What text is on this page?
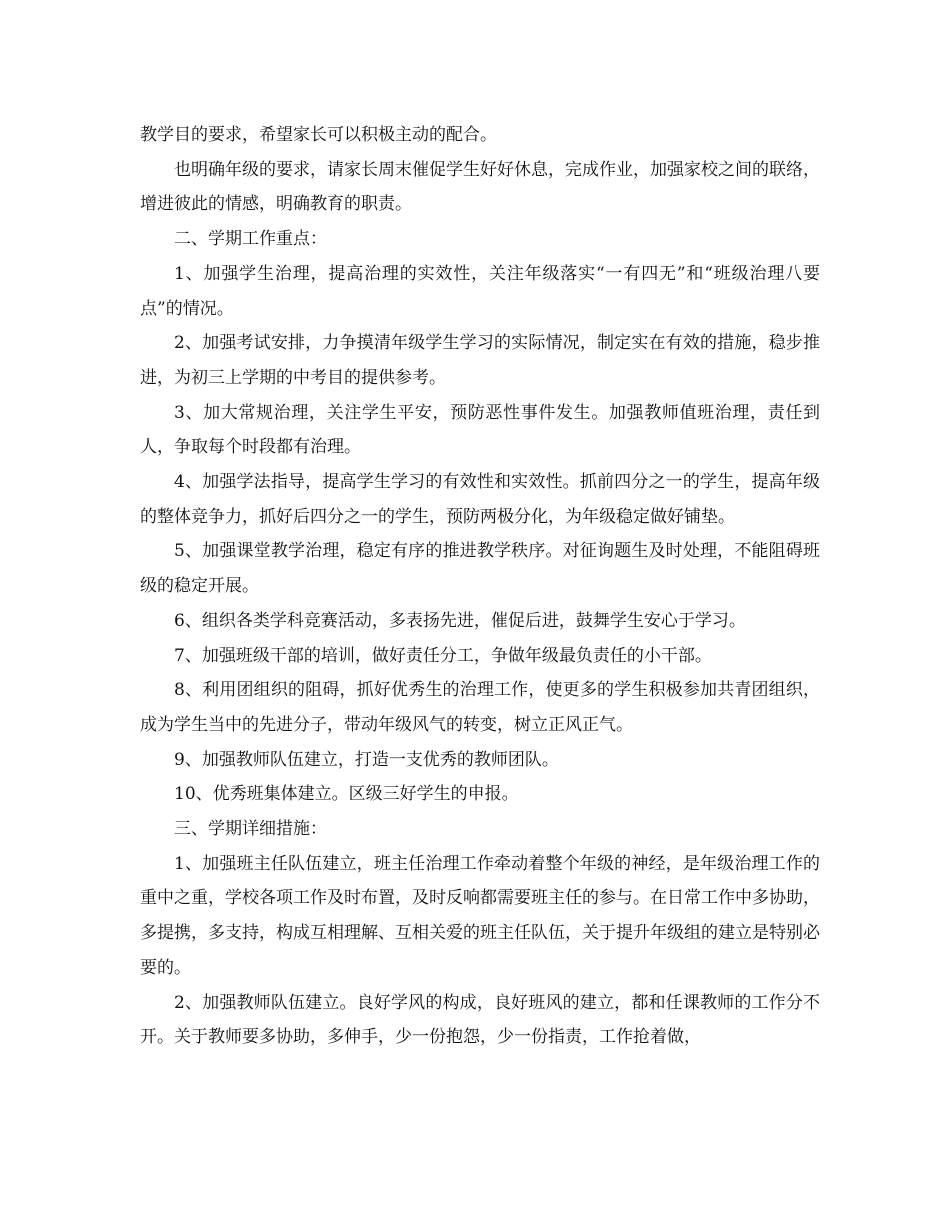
教学目的要求，希望家长可以积极主动的配合。

也明确年级的要求，请家长周末催促学生好好休息，完成作业，加强家校之间的联络，增进彼此的情感，明确教育的职责。

二、学期工作重点：

1、加强学生治理，提高治理的实效性，关注年级落实“一有四无”和“班级治理八要点”的情况。

2、加强考试安排，力争摸清年级学生学习的实际情况，制定实在有效的措施，稳步推进，为初三上学期的中考目的提供参考。

3、加大常规治理，关注学生平安，预防恶性事件发生。加强教师值班治理，责任到人，争取每个时段都有治理。

4、加强学法指导，提高学生学习的有效性和实效性。抓前四分之一的学生，提高年级的整体竞争力，抓好后四分之一的学生，预防两极分化，为年级稳定做好铺垫。

5、加强课堂教学治理，稳定有序的推进教学秩序。对征询题生及时处理，不能阻碍班级的稳定开展。

6、组织各类学科竞赛活动，多表扬先进，催促后进，鼓舞学生安心于学习。

7、加强班级干部的培训，做好责任分工，争做年级最负责任的小干部。

8、利用团组织的阻碍，抓好优秀生的治理工作，使更多的学生积极参加共青团组织，成为学生当中的先进分子，带动年级风气的转变，树立正风正气。

9、加强教师队伍建立，打造一支优秀的教师团队。

10、优秀班集体建立。区级三好学生的申报。

三、学期详细措施：

1、加强班主任队伍建立，班主任治理工作牵动着整个年级的神经，是年级治理工作的重中之重，学校各项工作及时布置，及时反响都需要班主任的参与。在日常工作中多协助，多提携，多支持，构成互相理解、互相关爱的班主任队伍，关于提升年级组的建立是特别必要的。

2、加强教师队伍建立。良好学风的构成，良好班风的建立，都和任课教师的工作分不开。关于教师要多协助，多伸手，少一份抱怨，少一份指责，工作抢着做，
